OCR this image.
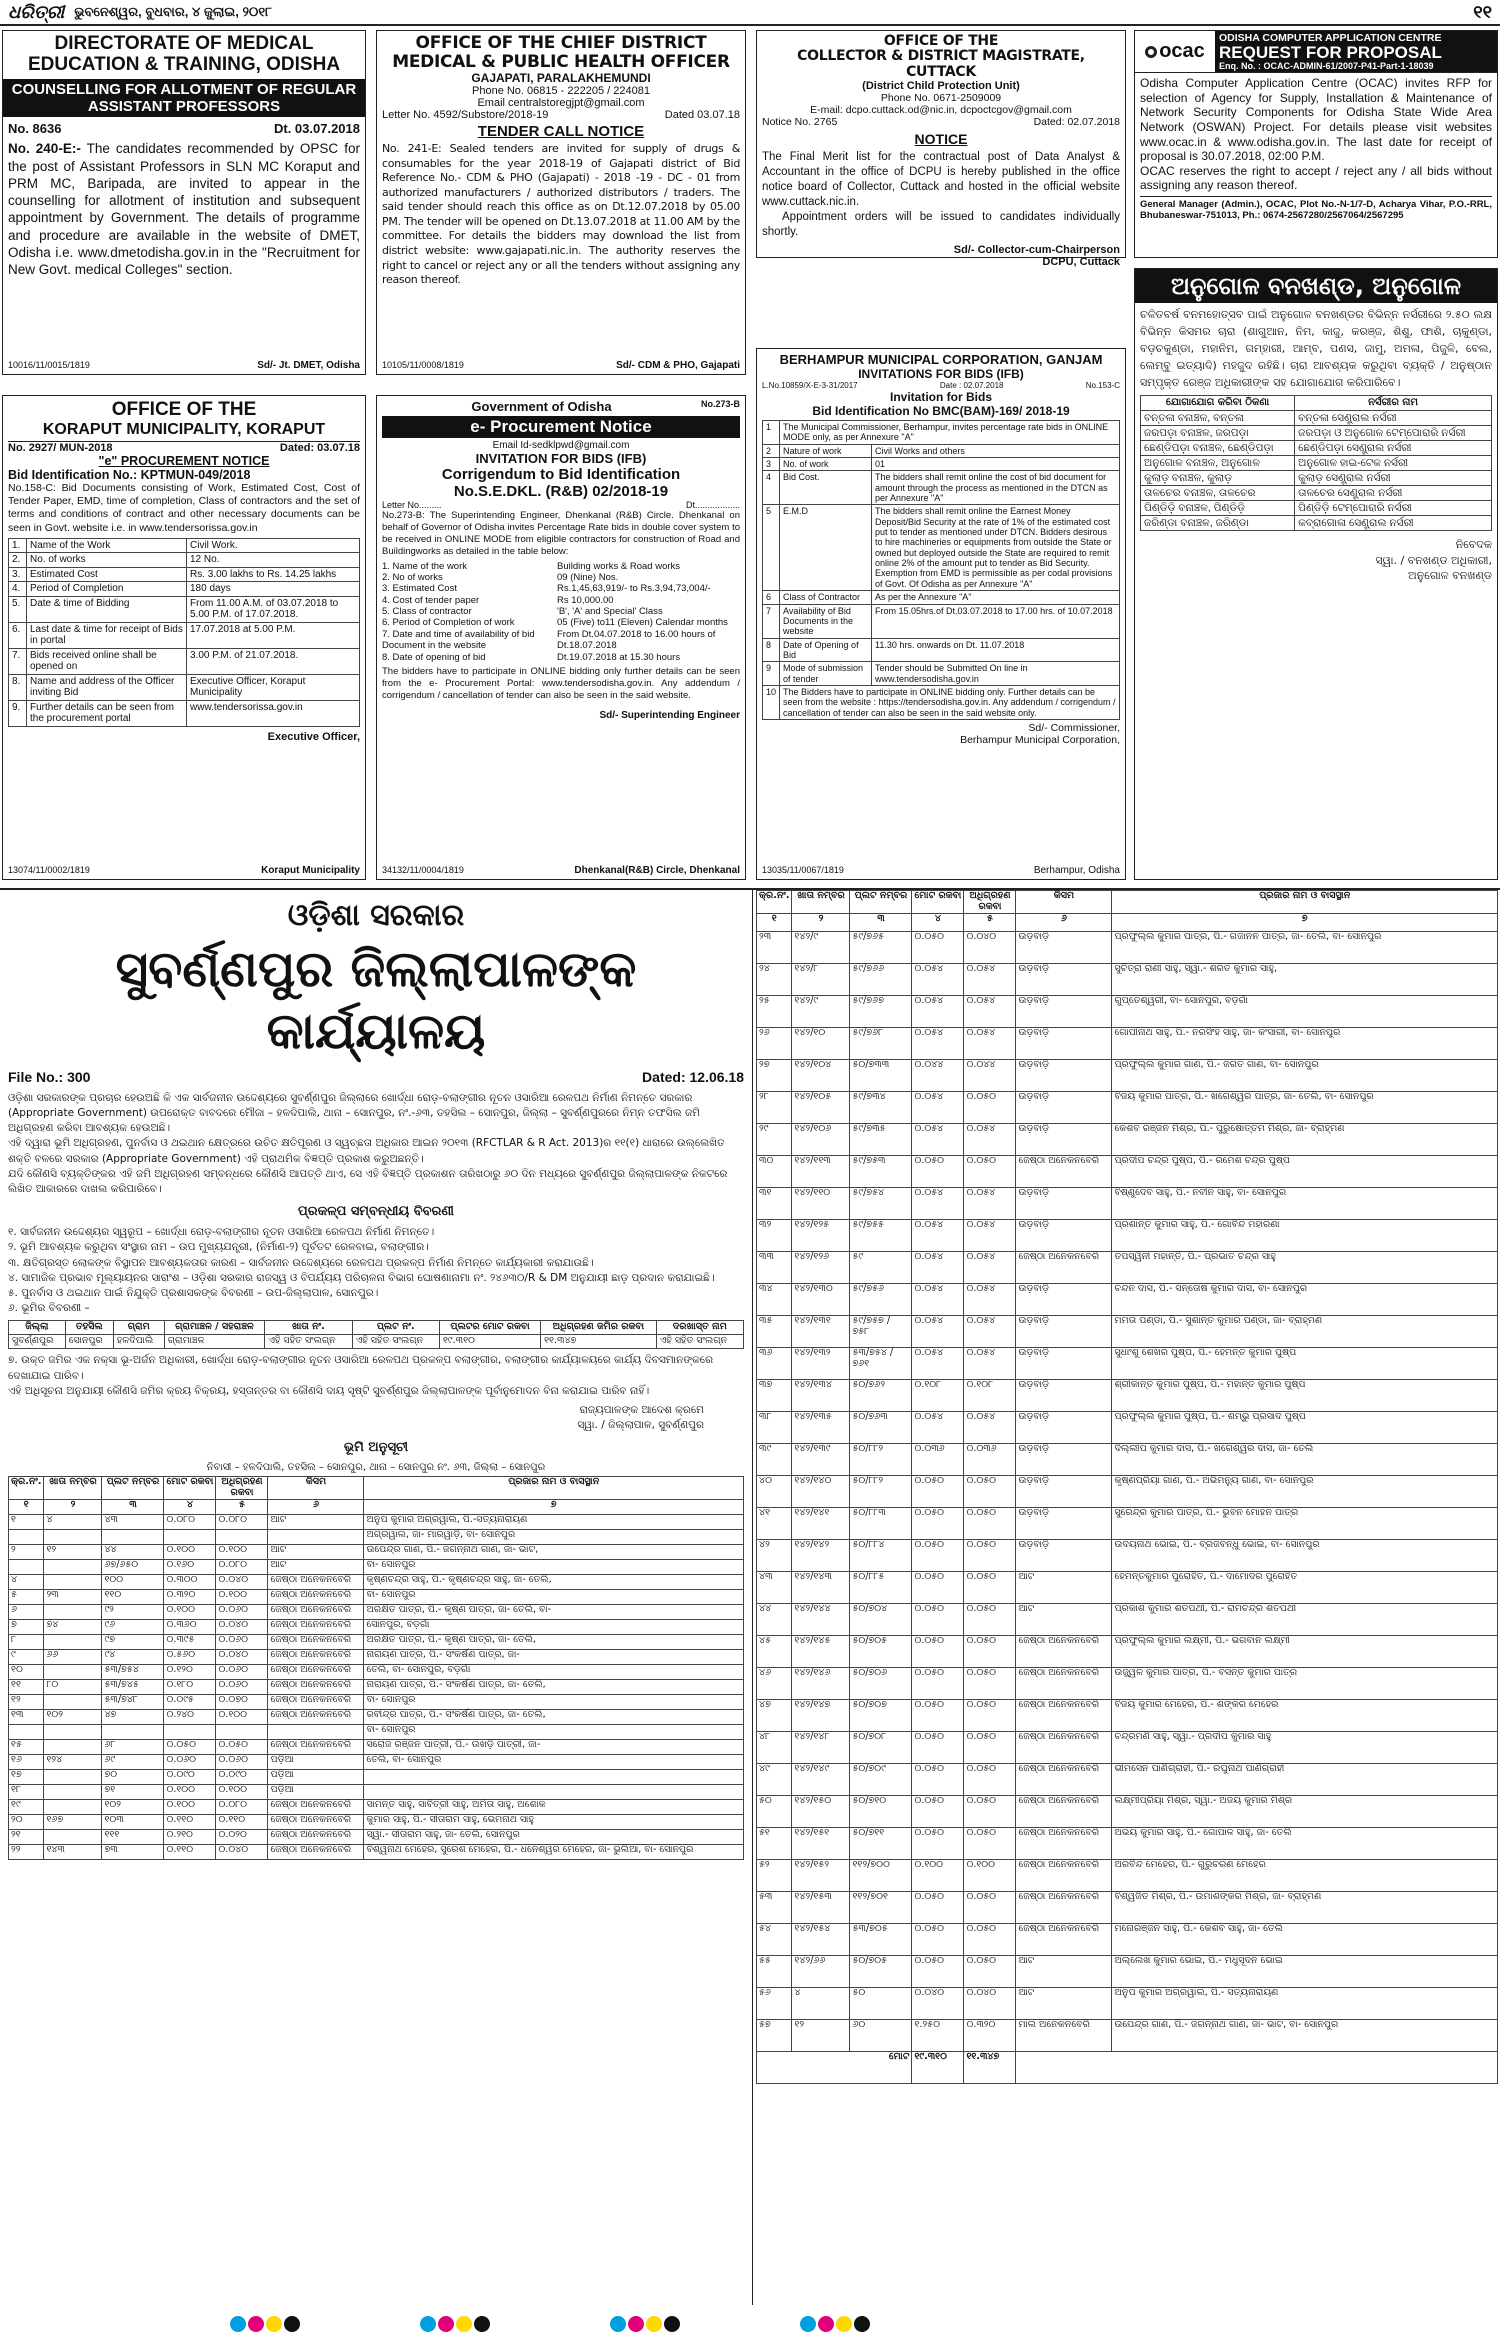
ଧରିତ୍ରୀ ଭୁବନେଶ୍ୱର, ବୁଧବାର, ୪ ଜୁଲାଇ, ୨୦୧୮	୧୧
DIRECTORATE OF MEDICAL
EDUCATION & TRAINING, ODISHA
COUNSELLING FOR ALLOTMENT OF REGULAR ASSISTANT PROFESSORS
No. 8636	Dt. 03.07.2018

No. 240-E:- The candidates recommended by OPSC for the post of Assistant Professors in SLN MC Koraput and PRM MC, Baripada, are invited to appear in the counselling for allotment of institution and subsequent appointment by Government. The details of programme and procedure are available in the website of DMET, Odisha i.e. www.dmetodisha.gov.in in the "Recruitment for New Govt. medical Colleges" section.

10016/11/0015/1819	Sd/- Jt. DMET, Odisha
OFFICE OF THE CHIEF DISTRICT
MEDICAL & PUBLIC HEALTH OFFICER
GAJAPATI, PARALAKHEMUNDI
Phone No. 06815 - 222205 / 224081
Email centralstoregjpt@gmail.com
Letter No. 4592/Substore/2018-19	Dated 03.07.18
TENDER CALL NOTICE

No. 241-E: Sealed tenders are invited for supply of drugs & consumables for the year 2018-19 of Gajapati district of Bid Reference No.- CDM & PHO (Gajapati) - 2018 -19 - DC - 01 from authorized manufacturers / authorized distributors / traders. The said tender should reach this office as on Dt.12.07.2018 by 05.00 PM. The tender will be opened on Dt.13.07.2018 at 11.00 AM by the committee. For details the bidders may download the list from district website: www.gajapati.nic.in. The authority reserves the right to cancel or reject any or all the tenders without assigning any reason thereof.

10105/11/0008/1819	Sd/- CDM & PHO, Gajapati
OFFICE OF THE
COLLECTOR & DISTRICT MAGISTRATE, CUTTACK
(District Child Protection Unit)
Phone No. 0671-2509009
E-mail: dcpo.cuttack.od@nic.in, dcpoctcgov@gmail.com
Notice No. 2765	Dated: 02.07.2018
NOTICE

The Final Merit list for the contractual post of Data Analyst & Accountant in the office of DCPU is hereby published in the office notice board of Collector, Cuttack and hosted in the official website www.cuttack.nic.in.

Appointment orders will be issued to candidates individually shortly.

Sd/- Collector-cum-Chairperson
DCPU, Cuttack
ocac
ODISHA COMPUTER APPLICATION CENTRE
REQUEST FOR PROPOSAL
Enq. No. : OCAC-ADMIN-61/2007-P41-Part-1-18039

Odisha Computer Application Centre (OCAC) invites RFP for selection of Agency for Supply, Installation & Maintenance of Network Security Components for Odisha State Wide Area Network (OSWAN) Project. For details please visit websites www.ocac.in & www.odisha.gov.in. The last date for receipt of proposal is 30.07.2018, 02:00 P.M.

OCAC reserves the right to accept / reject any / all bids without assigning any reason thereof.

General Manager (Admin.), OCAC, Plot No.-N-1/7-D, Acharya Vihar, P.O.-RRL, Bhubaneswar-751013, Ph.: 0674-2567280/2567064/2567295

OFFICE OF THE
KORAPUT MUNICIPALITY, KORAPUT
No. 2927/ MUN-2018	Dated: 03.07.18
"e" PROCUREMENT NOTICE
Bid Identification No.: KPTMUN-049/2018

No.158-C: Bid Documents consisting of Work, Estimated Cost, Cost of Tender Paper, EMD, time of completion, Class of contractors and the set of terms and conditions of contract and other necessary documents can be seen in Govt. website i.e. in www.tendersorissa.gov.in

1.	Name of the Work	Civil Work.
2.	No. of works	12 No.
3.	Estimated Cost	Rs. 3.00 lakhs to Rs. 14.25 lakhs
4.	Period of Completion	180 days
5.	Date & time of Bidding	From 11.00 A.M. of 03.07.2018 to 5.00 P.M. of 17.07.2018.
6.	Last date & time for receipt of Bids in portal	17.07.2018 at 5.00 P.M.
7.	Bids received online shall be opened on	3.00 P.M. of 21.07.2018.
8.	Name and address of the Officer inviting Bid	Executive Officer, Koraput Municipality
9.	Further details can be seen from the procurement portal	www.tendersorissa.gov.in
Executive Officer,
13074/11/0002/1819	Koraput Municipality
Government of Odisha	No.273-B
e- Procurement Notice
Email Id-sedklpwd@gmail.com
INVITATION FOR BIDS (IFB)
Corrigendum to Bid Identification
No.S.E.DKL. (R&B) 02/2018-19
Letter No.........	Dt..................

No.273-B: The Superintending Engineer, Dhenkanal (R&B) Circle. Dhenkanal on behalf of Governor of Odisha invites Percentage Rate bids in double cover system to be received in ONLINE MODE from eligible contractors for construction of Road and Buildingworks as detailed in the table below:

1. Name of the work	Building works & Road works
2. No of works	09 (Nine) Nos.
3. Estimated Cost	Rs.1,45,63,919/- to Rs.3,94,73,004/-
4. Cost of tender paper	Rs 10,000.00
5. Class of contractor	'B', 'A' and Special' Class
6. Period of Completion of work	05 (Five) to11 (Eleven) Calendar months
7. Date and time of availability of bid Document in the website
From Dt.04.07.2018 to 16.00 hours of Dt.18.07.2018
8. Date of opening of bid	Dt.19.07.2018 at 15.30 hours

The bidders have to participate in ONLINE bidding only further details can be seen from the e- Procurement Portal: www.tendersodisha.gov.in. Any addendum / corrigendum / cancellation of tender can also be seen in the said website.

Sd/- Superintending Engineer
34132/11/0004/1819	Dhenkanal(R&B) Circle, Dhenkanal
BERHAMPUR MUNICIPAL CORPORATION, GANJAM
INVITATIONS FOR BIDS (IFB)
L.No.10859/X-E-3-31/2017	Date : 02.07.2018	No.153-C
Invitation for Bids
Bid Identification No BMC(BAM)-169/ 2018-19
1	The Municipal Commissioner, Berhampur, invites percentage rate bids in ONLINE MODE only, as per Annexure "A"	
2	Nature of work	Civil Works and others
3	No. of work	01
4	Bid Cost.	The bidders shall remit online the cost of bid document for amount through the process as mentioned in the DTCN as per Annexure "A"
5	E.M.D	The bidders shall remit online the Earnest Money Deposit/Bid Security at the rate of 1% of the estimated cost put to tender as mentioned under DTCN. Bidders desirous to hire machineries or equipments from outside the State or owned but deployed outside the State are required to remit online 2% of the amount put to tender as Bid Security. Exemption from EMD is permissible as per codal provisions of Govt. Of Odisha as per Annexure "A"
6	Class of Contractor	As per the Annexure "A"
7	Availability of Bid Documents in the website	From 15.05hrs.of Dt.03.07.2018 to 17.00 hrs. of 10.07.2018
8	Date of Opening of Bid	11.30 hrs. onwards on Dt. 11.07.2018
9	Mode of submission of tender	Tender should be Submitted On line in www.tendersodisha.gov.in
10	The Bidders have to participate in ONLINE bidding only. Further details can be seen from the website : https://tendersodisha.gov.in. Any addendum / corrigendum / cancellation of tender can also be seen in the said website only.	
Sd/- Commissioner,
Berhampur Municipal Corporation,
13035/11/0067/1819	Berhampur, Odisha
ଅନୁଗୋଳ ବନଖଣ୍ଡ, ଅନୁଗୋଳ

ଚଳିତବର୍ଷ ବନମହୋତ୍ସବ ପାଇଁ ଅନୁଗୋଳ ବନଖଣ୍ଡର ବିଭିନ୍ନ ନର୍ସରୀରେ ୨.୫୦ ଲକ୍ଷ ବିଭିନ୍ନ କିସମର ଚାରା (ଶାଗୁଆନ, ନିମ, କାଜୁ, କରଞ୍ଜ, ଶିଶୁ, ଫାଶି, ଚାକୁଣ୍ଡା, ବଡ଼ଚକୁଣ୍ଡା, ମହାନିମ, ଗମ୍ହାରୀ, ଆମ୍ବ, ପଣସ, ଜାମୁ, ଅମଳା, ପିଜୁଳି, ବେଲ, ଲେମ୍ବୁ ଇତ୍ୟାଦି) ମହଜୁଦ ରହିଛି। ଚାରା ଆବଶ୍ୟକ କରୁଥିବା ବ୍ୟକ୍ତି / ଅନୁଷ୍ଠାନ ସମ୍ପୃକ୍ତ ରେଞ୍ଜ ଅଧିକାରୀଙ୍କ ସହ ଯୋଗାଯୋଗ କରିପାରିବେ।

ଯୋଗାଯୋଗ କରିବା ଠିକଣା	ନର୍ସରୀର ନାମ
ବନ୍ତଳା ବନାଞ୍ଚଳ, ବନ୍ତଳା	ବନ୍ତଳା ସେଣ୍ଟ୍ରାଲ ନର୍ସରୀ
ଜରପଡ଼ା ବନାଞ୍ଚଳ, ଜରପଡ଼ା	ଜରପଡ଼ା ଓ ଅନୁଗୋଳ ଟେମ୍ପୋରାରି ନର୍ସରୀ
ଛେଣ୍ଡିପଡ଼ା ବନାଞ୍ଚଳ, ଛେଣ୍ଡିପଡ଼ା	ଛେଣ୍ଡିପଡ଼ା ସେଣ୍ଟ୍ରାଲ ନର୍ସରୀ
ଅନୁଗୋଳ ବନାଞ୍ଚଳ, ଅନୁଗୋଳ	ଅନୁଗୋଳ ହାଇ-ଟେକ ନର୍ସରୀ
କୁଲାଡ଼ ବନାଞ୍ଚଳ, କୁଲାଡ଼	କୁଲାଡ଼ ସେଣ୍ଟ୍ରାଲ ନର୍ସରୀ
ତାଳଚେର ବନାଞ୍ଚଳ, ତାଳଚେର	ତାଳଚେର ସେଣ୍ଟ୍ରାଲ ନର୍ସରୀ
ପିଣ୍ଡିଡ଼ି ବନାଞ୍ଚଳ, ପିଣ୍ଡିଡ଼ି	ପିଣ୍ଡିଡ଼ି ଟେମ୍ପୋରାରି ନର୍ସରୀ
ଜରିଣ୍ଡା ବନାଞ୍ଚଳ, ଜରିଣ୍ଡା	କବ୍ରାଗୋଳା ସେଣ୍ଟ୍ରାଲ ନର୍ସରୀ
ନିବେଦକ
ସ୍ୱା. / ବନଖଣ୍ଡ ଅଧିକାରୀ,
ଅନୁଗୋଳ ବନଖଣ୍ଡ
ଓଡ଼ିଶା ସରକାର
ସୁବର୍ଣ୍ଣପୁର ଜିଲ୍ଲାପାଳଙ୍କ କାର୍ଯ୍ୟାଳୟ
File No.: 300	Dated: 12.06.18

ଓଡ଼ିଶା ସରକାରଙ୍କ ପ୍ରଚାର ହେଉଅଛି କି ଏକ ସାର୍ବଜନୀନ ଉଦ୍ଦେଶ୍ୟରେ ସୁବର୍ଣ୍ଣପୁର ଜିଲ୍ଲାରେ ଖୋର୍ଦ୍ଧା ରୋଡ଼-ବଲାଙ୍ଗୀର ନୂତନ ଓସାରିଆ ରେଳପଥ ନିର୍ମାଣ ନିମନ୍ତେ ସରକାର (Appropriate Government) ଉପରୋକ୍ତ ବାବଦରେ ମୌଜା – ହଳଦିପାଲି, ଥାନା – ସୋନପୁର, ନଂ.-୬୩, ତହସିଲ – ସୋନପୁର, ଜିଲ୍ଲା – ସୁବର୍ଣ୍ଣପୁରରେ ନିମ୍ନ ତଫସିଲ ଜମି ଅଧିଗ୍ରହଣ କରିବା ଆବଶ୍ୟକ ହେଉଅଛି।

ଏହି ଦ୍ୱାରା ଭୂମି ଅଧିଗ୍ରହଣ, ପୁନର୍ବାସ ଓ ଥଇଥାନ କ୍ଷେତ୍ରରେ ଉଚିତ କ୍ଷତିପୂରଣ ଓ ସ୍ୱଚ୍ଛତା ଅଧିକାର ଆଇନ ୨୦୧୩ (RFCTLAR & R Act. 2013)ର ୧୧(୧) ଧାରାରେ ଉଲ୍ଲେଖିତ ଶକ୍ତି ବଳରେ ସରକାର (Appropriate Government) ଏହି ପ୍ରାଥମିକ ବିଜ୍ଞପ୍ତି ପ୍ରକାଶ କରୁଅଛନ୍ତି।

ଯଦି କୌଣସି ବ୍ୟକ୍ତିଙ୍କର ଏହି ଜମି ଅଧିଗ୍ରହଣ ସମ୍ବନ୍ଧରେ କୌଣସି ଆପତ୍ତି ଥାଏ, ସେ ଏହି ବିଜ୍ଞପ୍ତି ପ୍ରକାଶନ ତାରିଖଠାରୁ ୬୦ ଦିନ ମଧ୍ୟରେ ସୁବର୍ଣ୍ଣପୁର ଜିଲ୍ଲାପାଳଙ୍କ ନିକଟରେ ଲିଖିତ ଆକାରରେ ଦାଖଲ କରିପାରିବେ।

ପ୍ରକଳ୍ପ ସମ୍ବନ୍ଧୀୟ ବିବରଣୀ
୧. ସାର୍ବଜନୀନ ଉଦ୍ଦେଶ୍ୟର ସ୍ୱରୂପ – ଖୋର୍ଦ୍ଧା ରୋଡ଼-ବଲାଙ୍ଗୀର ନୂତନ ଓସାରିଆ ରେଳପଥ ନିର୍ମାଣ ନିମନ୍ତେ।
୨. ଭୂମି ଆବଶ୍ୟକ କରୁଥିବା ସଂସ୍ଥାର ନାମ – ଉପ ମୁଖ୍ୟଯନ୍ତ୍ରୀ, (ନିର୍ମାଣ-୨) ପୂର୍ବତଟ ରେଳବାଇ, ବଲାଙ୍ଗୀର।
୩. କ୍ଷତିଗ୍ରସ୍ତ ଲୋକଙ୍କ ବିସ୍ଥାପନ ଆବଶ୍ୟକତାର କାରଣ – ସାର୍ବଜନୀନ ଉଦ୍ଦେଶ୍ୟରେ ରେଳପଥ ପ୍ରକଳ୍ପ ନିର୍ମାଣ ନିମନ୍ତେ କାର୍ଯ୍ୟକାରୀ କରାଯାଉଛି।
୪. ସାମାଜିକ ପ୍ରଭାବ ମୂଲ୍ୟାୟନର ସାରାଂଶ – ଓଡ଼ିଶା ସରକାର ରାଜସ୍ୱ ଓ ବିପର୍ଯ୍ୟୟ ପରିଚାଳନା ବିଭାଗ ଘୋଷଣାନାମା ନଂ. ୨୪୬୩୦/R & DM ଅନୁଯାୟୀ ଛାଡ଼ ପ୍ରଦାନ କରାଯାଇଛି।
୫. ପୁନର୍ବାସ ଓ ଥଇଥାନ ପାଇଁ ନିଯୁକ୍ତି ପ୍ରଶାସକଙ୍କ ବିବରଣୀ – ଉପ-ଜିଲ୍ଲାପାଳ, ସୋନପୁର।
୬. ଭୂମିର ବିବରଣୀ –
ଜିଲ୍ଲା	ତହସିଲ	ଗ୍ରାମ	ଗ୍ରାମାଞ୍ଚଳ / ସହରାଞ୍ଚଳ	ଖାତା ନଂ.	ପ୍ଲଟ ନଂ.	ପ୍ଲଟର ମୋଟ ରକବା	ଅଧିଗ୍ରହଣ ଜମିର ରକବା	ଦରଖାସ୍ତ ନାମ
ସୁବର୍ଣ୍ଣପୁର	ସୋନପୁର	ହଳଦିପାଲି	ଗ୍ରାମାଞ୍ଚଳ	ଏହି ସହିତ ସଂଲଗ୍ନ	ଏହି ସହିତ ସଂଲଗ୍ନ	୧୯.୩୧୦	୧୧.୩୪୭	ଏହି ସହିତ ସଂଲଗ୍ନ

୭. ଉକ୍ତ ଜମିର ଏକ ନକ୍ସା ଭୂ-ଅର୍ଜନ ଅଧିକାରୀ, ଖୋର୍ଦ୍ଧା ରୋଡ଼-ବଲାଙ୍ଗୀର ନୂତନ ଓସାରିଆ ରେଳପଥ ପ୍ରକଳ୍ପ ବଲାଙ୍ଗୀର, ବଲାଙ୍ଗୀର କାର୍ଯ୍ୟାଳୟରେ କାର୍ଯ୍ୟ ଦିବସମାନଙ୍କରେ ଦେଖାଯାଇ ପାରିବ।

ଏହି ଅଧିସୂଚନା ଅନୁଯାୟୀ କୌଣସି ଜମିର କ୍ରୟ ବିକ୍ରୟ, ହସ୍ତାନ୍ତର ବା କୌଣସି ଦାୟ ସୃଷ୍ଟି ସୁବର୍ଣ୍ଣପୁର ଜିଲ୍ଲାପାଳଙ୍କ ପୂର୍ବାନୁମୋଦନ ବିନା କରାଯାଇ ପାରିବ ନାହିଁ।

ରାଜ୍ୟପାଳଙ୍କ ଆଦେଶ କ୍ରମେ
ସ୍ୱା. / ଜିଲ୍ଲାପାଳ, ସୁବର୍ଣ୍ଣପୁର
ଭୂମି ଅନୁସୂଚୀ
ନିବାସୀ – ହଳଦିପାଲି, ତହସିଲ – ସୋନପୁର, ଥାନା – ସୋନପୁର ନଂ. ୬୩, ଜିଲ୍ଲା – ସୋନପୁର
କ୍ର.ନଂ.	ଖାତା ନମ୍ବର	ପ୍ଲଟ ନମ୍ବର	ମୋଟ ରକବା	ଅଧିଗ୍ରହଣ ରକବା	କିସମ	ପ୍ରଜାର ନାମ ଓ ବାସସ୍ଥାନ
୧	୨	୩	୪	୫	୬	୭
୧	୪	୪୩	୦.୦୮୦	୦.୦୮୦	ଆଟ	ଅନୁପ କୁମାର ଅଗ୍ରୱାଲ, ପି.-ସତ୍ୟନାରାୟଣ
						ଅଗ୍ରୱାଲ, ଜା- ମାରୱାଡ଼ି, ବା- ସୋନପୁର
୨	୧୨	୪୪	୦.୧୦୦	୦.୧୦୦	ଆଟ	ଉପେନ୍ଦ୍ର ଗାଣ, ପି.- ଜଗନ୍ନାଥ ଗାଣ, ଜା- ଭାଟ,
		୬୭/୬୫୦	୦.୧୬୦	୦.୦୮୦	ଆଟ	ବା- ସୋନପୁର
୪		୧୦୦	୦.୩୦୦	୦.୦୪୦	ଜେଷ୍ଠା ଅନେକନବେରି	କୃଷ୍ଣଚନ୍ଦ୍ର ସାହୁ, ପି.- କୃଷ୍ଣଚନ୍ଦ୍ର ସାହୁ, ଜା- ତେଲି,
୫	୨୩	୧୧୦	୦.୩୨୦	୦.୧୦୦	ଜେଷ୍ଠା ଅନେକନବେରି	ବା- ସୋନପୁର
୬		୯୨	୦.୧୦୦	୦.୦୬୦	ଜେଷ୍ଠା ଅନେକନବେରି	ଅରକ୍ଷିତ ପାତ୍ର, ପି.- କୃଷ୍ଣ ପାତ୍ର, ଜା- ତେଲି, ବା-
୭	୭୪	୯୬	୦.୩୬୦	୦.୦୪୦	ଜେଷ୍ଠା ଅନେକନବେରି	ସୋନପୁର, ବଡ଼ଗାଁ
୮		୯୭	୦.୩୯୫	୦.୦୬୦	ଜେଷ୍ଠା ଅନେକନବେରି	ଅରକ୍ଷିତ ପାତ୍ର, ପି.- କୃଷ୍ଣ ପାତ୍ର, ଜା- ତେଲି,
୯	୬୬	୯୪	୦.୫୬୦	୦.୦୪୦	ଜେଷ୍ଠା ଅନେକନବେରି	ନାରାୟଣ ପାତ୍ର, ପି.- ସଂକର୍ଷଣ ପାତ୍ର, ଜା-
୧୦		୫୩/୭୫୪	୦.୧୨୦	୦.୦୬୦	ଜେଷ୍ଠା ଅନେକନବେରି	ତେଲି, ବା- ସୋନପୁର, ବଡ଼ଗାଁ
୧୧	୮୦	୫୩/୭୪୫	୦.୧୮୦	୦.୦୬୦	ଜେଷ୍ଠା ଅନେକନବେରି	ନାରାୟଣ ପାତ୍ର, ପି.- ସଂକର୍ଷଣ ପାତ୍ର, ଜା- ତେଲି,
୧୨		୫୩/୭୪୮	୦.୦୯୫	୦.୦୭୦	ଜେଷ୍ଠା ଅନେକନବେରି	ବା- ସୋନପୁର
୧୩	୧୦୨	୪୭	୦.୨୪୦	୦.୧୦୦	ଜେଷ୍ଠା ଅନେକନବେରି	ରବୀନ୍ଦ୍ର ପାତ୍ର, ପି.- ସଂକର୍ଷଣ ପାତ୍ର, ଜା- ତେଲି,
						ବା- ସୋନପୁର
୧୫		୬୮	୦.୦୫୦	୦.୦୫୦	ଜେଷ୍ଠା ଅନେକନବେରି	ସରୋଜ ରଞ୍ଜନ ପାତ୍ରୀ, ପି.- ଉଖଡ଼ି ପାତ୍ରୀ, ଜା-
୧୬	୧୨୪	୬୯	୦.୦୬୦	୦.୦୬୦	ପଡ଼ିଆ	ତେଲି, ବା- ସୋନପୁର
୧୭		୭୦	୦.୦୯୦	୦.୦୯୦	ପଡ଼ିଆ	
୧୮		୭୧	୦.୧୦୦	୦.୧୦୦	ପଡ଼ିଆ	
୧୯		୧୦୨	୦.୧୦୦	୦.୦୮୦	ଜେଷ୍ଠା ଅନେକନବେରି	ସାମନ୍ତ ସାହୁ, ସାବିତ୍ରୀ ସାହୁ, ଅମିତା ସାହୁ, ଅଶୋକ
୨୦	୧୬୭	୧୦୩	୦.୧୧୦	୦.୧୧୦	ଜେଷ୍ଠା ଅନେକନବେରି	କୁମାର ସାହୁ, ପି.- ସୀତାରାମ ସାହୁ, ଭେମନାଥ ସାହୁ
୨୧		୧୧୧	୦.୨୧୦	୦.୦୨୦	ଜେଷ୍ଠା ଅନେକନବେରି	ସ୍ୱା.- ସୀତାରାମ ସାହୁ, ଜା- ତେଲି, ସୋନପୁର
୨୨	୧୪୩	୭୩	୦.୧୧୦	୦.୦୪୦	ଜେଷ୍ଠା ଅନେକନବେରି	ବିଶ୍ୱନାଥ ମେହେର, ସୁରେଶ ମେହେର, ପି.- ଧନେଶ୍ୱର ମେହେର, ଜା- ଭୁଲିଆ, ବା- ସୋନପୁର
କ୍ର.ନଂ.	ଖାତା ନମ୍ବର	ପ୍ଲଟ ନମ୍ବର	ମୋଟ ରକବା	ଅଧିଗ୍ରହଣ ରକବା	କିସମ	ପ୍ରଜାର ନାମ ଓ ବାସସ୍ଥାନ
୧	୨	୩	୪	୫	୬	୭
୨୩	୧୪୨/୯	୫୯/୭୬୫	୦.୦୫୦	୦.୦୪୦	ଉଡ଼ବାଡ଼ି	ପ୍ରଫୁଲ୍ଲ କୁମାର ପାତ୍ର, ପି.- ଗଜାନନ ପାତ୍ର, ଜା- ତେଲି, ବା- ସୋନପୁର
୨୪	୧୪୨/୮	୫୯/୭୬୬	୦.୦୫୪	୦.୦୫୪	ଉଡ଼ବାଡ଼ି	ସୁଚିତ୍ରା ରାଣୀ ସାହୁ, ସ୍ୱା.- ଶରତ କୁମାର ସାହୁ,
୨୫	୧୪୨/୯	୫୯/୭୬୭	୦.୦୫୪	୦.୦୫୪	ଉଡ଼ବାଡ଼ି	ଗୁପ୍ତେଶ୍ୱରୀ, ବା- ସୋନପୁର, ବଡ଼ଗାଁ
୨୬	୧୪୨/୧୦	୫୯/୭୬୮	୦.୦୫୪	୦.୦୫୪	ଉଡ଼ବାଡ଼ି	ଗୋପୀନାଥ ସାହୁ, ପି.- ନରସିଂହ ସାହୁ, ଜା- କଂସାରୀ, ବା- ସୋନପୁର
୨୭	୧୪୨/୧୦୪	୫୦/୭୩୩	୦.୦୪୪	୦.୦୪୪	ଉଡ଼ବାଡ଼ି	ପ୍ରଫୁଲ୍ଲ କୁମାର ଗାଣ, ପି.- ଜଗତ ଗାଣ, ବା- ସୋନପୁର
୨୮	୧୪୨/୧୦୫	୫୯/୭୩୪	୦.୦୫୪	୦.୦୫୦	ଉଡ଼ବାଡ଼ି	ବିଜୟ କୁମାର ପାତ୍ର, ପି.- ଖଗେଶ୍ୱର ପାତ୍ର, ଜା- ତେଲି, ବା- ସୋନପୁର
୨୯	୧୪୨/୧୦୬	୫୯/୭୩୫	୦.୦୫୪	୦.୦୫୪	ଉଡ଼ବାଡ଼ି	କେଶବ ରଞ୍ଜନ ମିଶ୍ର, ପି.- ପୁରୁଷୋତ୍ତମ ମିଶ୍ର, ଜା- ବ୍ରାହ୍ମଣ
୩୦	୧୪୨/୧୧୩	୫୯/୭୫୩	୦.୦୫୦	୦.୦୫୦	ଜେଷ୍ଠା ଅନେକନବେରି	ପ୍ରଦୀପ ଚନ୍ଦ୍ର ପୁଷ୍ପ, ପି.- ରମେଶ ଚନ୍ଦ୍ର ପୁଷ୍ପ
୩୧	୧୪୨/୧୧୦	୫୯/୭୫୪	୦.୦୫୪	୦.୦୫୪	ଉଡ଼ବାଡ଼ି	ବିଷ୍ଣୁଦେବ ସାହୁ, ପି.- ନବୀନ ସାହୁ, ବା- ସୋନପୁର
୩୨	୧୪୨/୧୨୫	୫୯/୭୫୫	୦.୦୫୪	୦.୦୫୪	ଉଡ଼ବାଡ଼ି	ପ୍ରଶାନ୍ତ କୁମାର ସାହୁ, ପି.- ଗୋବିନ୍ଦ ମହାରଣା
୩୩	୧୪୨/୧୨୬	୫୯	୦.୦୫୪	୦.୦୫୪	ଜେଷ୍ଠା ଅନେକନବେରି	ତପସ୍ୱିନୀ ମହାନ୍ତି, ପି.- ପ୍ରଭାତ ଚନ୍ଦ୍ର ସାହୁ
୩୪	୧୪୨/୧୩୦	୫୯/୭୫୬	୦.୦୫୪	୦.୦୫୪	ଉଡ଼ବାଡ଼ି	ଚନ୍ଦନ ଦାସ, ପି.- ସନ୍ତୋଷ କୁମାର ଦାସ, ବା- ସୋନପୁର
୩୫	୧୪୨/୧୩୧	୫୯/୭୫୭ / ୭୫୮	୦.୦୫୪	୦.୦୫୪	ଉଡ଼ବାଡ଼ି	ମମତା ପଣ୍ଡା, ପି.- ସୁଶାନ୍ତ କୁମାର ପଣ୍ଡା, ଜା- ବ୍ରାହ୍ମଣ
୩୬	୧୪୨/୧୩୨	୫୩/୭୫୪ / ୭୬୧	୦.୦୫୪	୦.୦୫୪	ଉଡ଼ବାଡ଼ି	ସୁଧାଂଶୁ ଶେଖର ପୁଷ୍ପ, ପି.- ହେମନ୍ତ କୁମାର ପୁଷ୍ପ
୩୭	୧୪୨/୧୩୪	୫୦/୭୬୨	୦.୧୦୮	୦.୧୦୮	ଉଡ଼ବାଡ଼ି	ଶ୍ରୀକାନ୍ତ କୁମାର ପୁଷ୍ପ, ପି.- ମହାନ୍ତ କୁମାର ପୁଷ୍ପ
୩୮	୧୪୨/୧୩୫	୫୦/୭୬୩	୦.୦୫୪	୦.୦୫୪	ଉଡ଼ବାଡ଼ି	ପ୍ରଫୁଲ୍ଲ କୁମାର ପୁଷ୍ପ, ପି.- ଶମ୍ଭୁ ପ୍ରସାଦ ପୁଷ୍ପ
୩୯	୧୪୨/୧୩୯	୫୦/୮୮୨	୦.୦୩୬	୦.୦୩୬	ଉଡ଼ବାଡ଼ି	ଦିଲ୍ଲୀପ କୁମାର ଦାସ, ପି.- ଖଗେଶ୍ୱର ଦାସ, ଜା- ତେଲି
୪୦	୧୪୨/୧୪୦	୫୦/୮୮୨	୦.୦୫୦	୦.୦୫୦	ଉଡ଼ବାଡ଼ି	କୃଷ୍ଣପ୍ରିୟା ଗାଣ, ପି.- ଅଭିମନ୍ୟୁ ଗାଣ, ବା- ସୋନପୁର
୪୧	୧୪୨/୧୪୧	୫୦/୮୮୩	୦.୦୫୦	୦.୦୫୦	ଉଡ଼ବାଡ଼ି	ସୁରେନ୍ଦ୍ର କୁମାର ପାତ୍ର, ପି.- ଭୁବନ ମୋହନ ପାତ୍ର
୪୨	୧୪୨/୧୪୨	୫୦/୮୮୪	୦.୦୫୦	୦.୦୫୦	ଉଡ଼ବାଡ଼ି	ଉଦୟନାଥ ଭୋଇ, ପି.- ବ୍ରଜବନ୍ଧୁ ଭୋଇ, ବା- ସୋନପୁର
୪୩	୧୪୨/୧୪୩	୫୦/୮୮୫	୦.୦୫୦	୦.୦୫୦	ଆଟ	ହେମନ୍ତକୁମାର ପୁରୋହିତ, ପି.- ଦାମୋଦର ପୁରୋହିତ
୪୪	୧୪୨/୧୪୪	୫୦/୭୦୪	୦.୦୫୦	୦.୦୫୦	ଆଟ	ପ୍ରକାଶ କୁମାର ଶତପଥୀ, ପି.- ରାମଚନ୍ଦ୍ର ଶତପଥୀ
୪୫	୧୪୨/୧୪୫	୫୦/୭୦୫	୦.୦୫୦	୦.୦୫୦	ଜେଷ୍ଠା ଅନେକନବେରି	ପ୍ରଫୁଲ୍ଲ କୁମାର ଲକ୍ଷ୍ମୀ, ପି.- ଭଗବାନ ଲକ୍ଷ୍ମୀ
୪୬	୧୪୨/୧୪୬	୫୦/୭୦୬	୦.୦୫୦	୦.୦୫୦	ଜେଷ୍ଠା ଅନେକନବେରି	ଉଜ୍ଜ୍ୱଳ କୁମାର ପାତ୍ର, ପି.- ବସନ୍ତ କୁମାର ପାତ୍ର
୪୭	୧୪୨/୧୪୭	୫୦/୭୦୭	୦.୦୫୦	୦.୦୫୦	ଜେଷ୍ଠା ଅନେକନବେରି	ବିଜୟ କୁମାର ମେହେର, ପି.- ଶଙ୍କର ମେହେର
୪୮	୧୪୨/୧୪୮	୫୦/୭୦୮	୦.୦୫୦	୦.୦୫୦	ଜେଷ୍ଠା ଅନେକନବେରି	ଚନ୍ଦ୍ରମଣି ସାହୁ, ସ୍ୱା.- ପ୍ରଦୀପ କୁମାର ସାହୁ
୪୯	୧୪୨/୧୪୯	୫୦/୭୦୯	୦.୦୫୦	୦.୦୫୦	ଜେଷ୍ଠା ଅନେକନବେରି	ଭୀମସେନ ପାଣିଗ୍ରାହୀ, ପି.- ରଘୁନାଥ ପାଣିଗ୍ରାହୀ
୫୦	୧୪୨/୧୫୦	୫୦/୭୧୦	୦.୦୫୦	୦.୦୫୦	ଜେଷ୍ଠା ଅନେକନବେରି	ଲକ୍ଷ୍ମୀପ୍ରିୟା ମିଶ୍ର, ସ୍ୱା.- ଅଜୟ କୁମାର ମିଶ୍ର
୫୧	୧୪୨/୧୫୧	୫୦/୭୧୧	୦.୦୫୦	୦.୦୫୦	ଜେଷ୍ଠା ଅନେକନବେରି	ଅଭୟ କୁମାର ସାହୁ, ପି.- ଗୋପାଳ ସାହୁ, ଜା- ତେଲି
୫୨	୧୪୨/୧୫୨	୧୧୨/୭୦୦	୦.୧୦୦	୦.୧୦୦	ଜେଷ୍ଠା ଅନେକନବେରି	ଅରବିନ୍ଦ ମେହେର, ପି.- ଗୁରୁଚରଣ ମେହେର
୫୩	୧୪୨/୧୫୩	୧୧୨/୭୦୧	୦.୦୫୦	୦.୦୫୦	ଜେଷ୍ଠା ଅନେକନବେରି	ବିଶ୍ୱଜିତ ମିଶ୍ର, ପି.- ଉମାଶଙ୍କର ମିଶ୍ର, ଜା- ବ୍ରାହ୍ମଣ
୫୪	୧୪୨/୧୫୪	୫୩/୭୦୫	୦.୦୫୦	୦.୦୫୦	ଜେଷ୍ଠା ଅନେକନବେରି	ମନୋରଞ୍ଜନ ସାହୁ, ପି.- କେଶବ ସାହୁ, ଜା- ତେଲି
୫୫	୧୪୨/୬୬	୫୦/୭୦୫	୦.୦୫୦	୦.୦୫୦	ଆଟ	ଅଲ୍ଲେଖ କୁମାର ଭୋଇ, ପି.- ମଧୁସୂଦନ ଭୋଇ
୫୬	୪	୫୦	୦.୦୪୦	୦.୦୪୦	ଆଟ	ଅନୁପ କୁମାର ଅଗ୍ରୱାଲ, ପି.- ସତ୍ୟନାରାୟଣ
୫୭	୧୨	୬୦	୧.୨୫୦	୦.୩୨୦	ମାଲ ଅନେକନବେରି	ଉପେନ୍ଦ୍ର ଗାଣ, ପି.- ଜଗନ୍ନାଥ ଗାଣ, ଜା- ଭାଟ, ବା- ସୋନପୁର
ମୋଟ			୧୯.୩୧୦	୧୧.୩୪୭		
